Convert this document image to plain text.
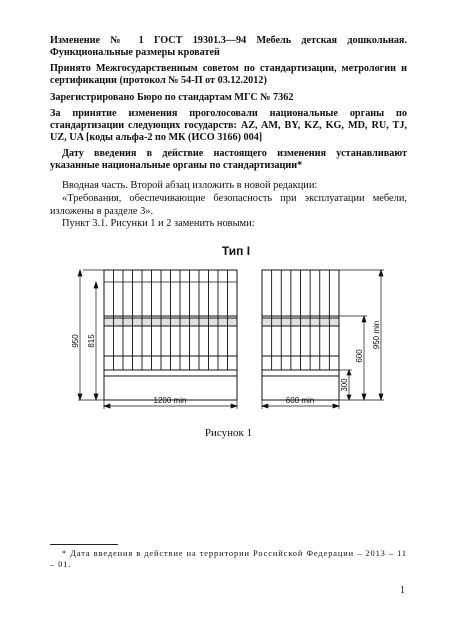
Изменение № 1 ГОСТ 19301.3—94 Мебель детская дошкольная. Функциональные размеры кроватей
Принято Межгосударственным советом по стандартизации, метрологии и сертификации (протокол № 54-П от 03.12.2012)
Зарегистрировано Бюро по стандартам МГС № 7362
За принятие изменения проголосовали национальные органы по стандартизации следующих государств: AZ, AM, BY, KZ, KG, MD, RU, TJ, UZ, UA [коды альфа-2 по МК (ИСО 3166) 004]
Дату введения в действие настоящего изменения устанавливают указанные национальные органы по стандартизации*
Вводная часть. Второй абзац изложить в новой редакции:
«Требования, обеспечивающие безопасность при эксплуатации мебели, изложены в разделе 3».
Пункт 3.1. Рисунки 1 и 2 заменить новыми:
Тип I
950 815
1200 min	600 min
950 min
600
300
Рисунок 1
* Дата введения в действие на территории Российской Федерации – 2013 – 11 – 01.
1
